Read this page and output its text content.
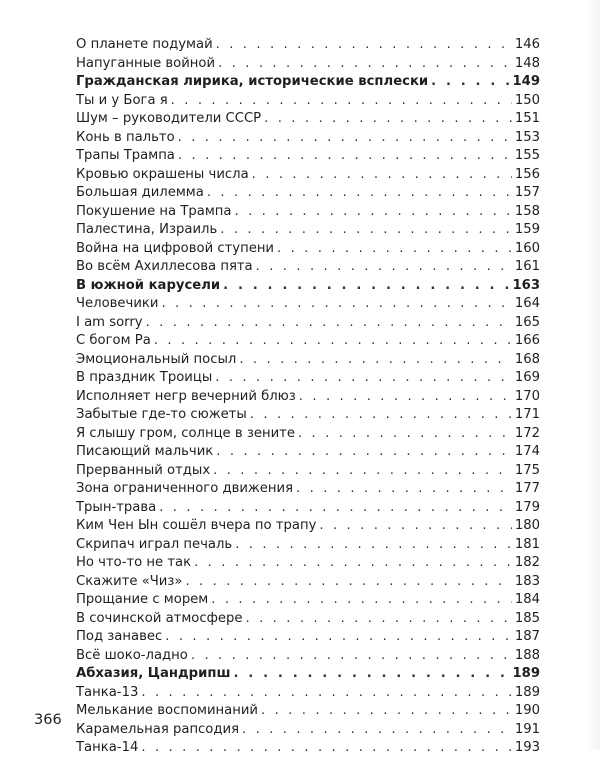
О планете подумай . . .	146
Напуганные войной . . .	148
Гражданская лирика, исторические всплески . . .	149
Ты и у Бога я . . .	150
Шум – руководители СССР . . .	151
Конь в пальто . . .	153
Трапы Трампа . . .	155
Кровью окрашены числа . . .	156
Большая дилемма . . .	157
Покушение на Трампа . . .	158
Палестина, Израиль . . .	159
Война на цифровой ступени . . .	160
Во всём Ахиллесова пята . . .	161
В южной карусели . . .	163
Человечики . . .	164
I am sorry . . .	165
С богом Ра . . .	166
Эмоциональный посыл . . .	168
В праздник Троицы . . .	169
Исполняет негр вечерний блюз . . .	170
Забытые где-то сюжеты . . .	171
Я слышу гром, солнце в зените . . .	172
Писающий мальчик . . .	174
Прерванный отдых . . .	175
Зона ограниченного движения . . .	177
Трын-трава . . .	179
Ким Чен Ын сошёл вчера по трапу . . .	180
Скрипач играл печаль . . .	181
Но что-то не так . . .	182
Скажите «Чиз» . . .	183
Прощание с морем . . .	184
В сочинской атмосфере . . .	185
Под занавес . . .	187
Всё шоко-ладно . . .	188
Абхазия, Цандрипш . . .	189
Танка-13 . . .	189
Мелькание воспоминаний . . .	190
Карамельная рапсодия . . .	191
Танка-14 . . .	193
366
